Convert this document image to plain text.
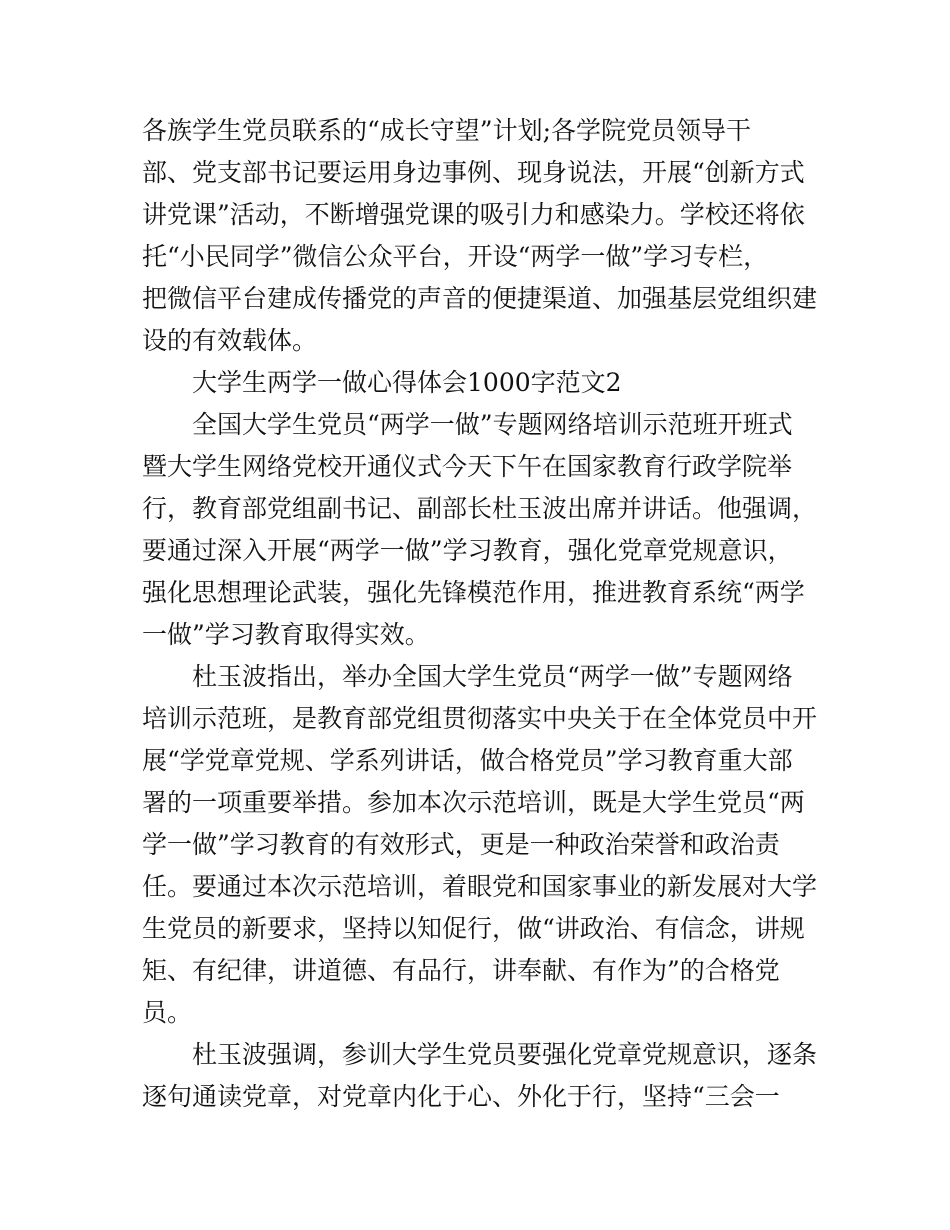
各族学生党员联系的“成长守望”计划;各学院党员领导干
部、党支部书记要运用身边事例、现身说法，开展“创新方式
讲党课”活动，不断增强党课的吸引力和感染力。学校还将依
托“小民同学”微信公众平台，开设“两学一做”学习专栏，
把微信平台建成传播党的声音的便捷渠道、加强基层党组织建
设的有效载体。
大学生两学一做心得体会1000字范文2
全国大学生党员“两学一做”专题网络培训示范班开班式
暨大学生网络党校开通仪式今天下午在国家教育行政学院举
行，教育部党组副书记、副部长杜玉波出席并讲话。他强调，
要通过深入开展“两学一做”学习教育，强化党章党规意识，
强化思想理论武装，强化先锋模范作用，推进教育系统“两学
一做”学习教育取得实效。
杜玉波指出，举办全国大学生党员“两学一做”专题网络
培训示范班，是教育部党组贯彻落实中央关于在全体党员中开
展“学党章党规、学系列讲话，做合格党员”学习教育重大部
署的一项重要举措。参加本次示范培训，既是大学生党员“两
学一做”学习教育的有效形式，更是一种政治荣誉和政治责
任。要通过本次示范培训，着眼党和国家事业的新发展对大学
生党员的新要求，坚持以知促行，做“讲政治、有信念，讲规
矩、有纪律，讲道德、有品行，讲奉献、有作为”的合格党
员。
杜玉波强调，参训大学生党员要强化党章党规意识，逐条
逐句通读党章，对党章内化于心、外化于行，坚持“三会一
